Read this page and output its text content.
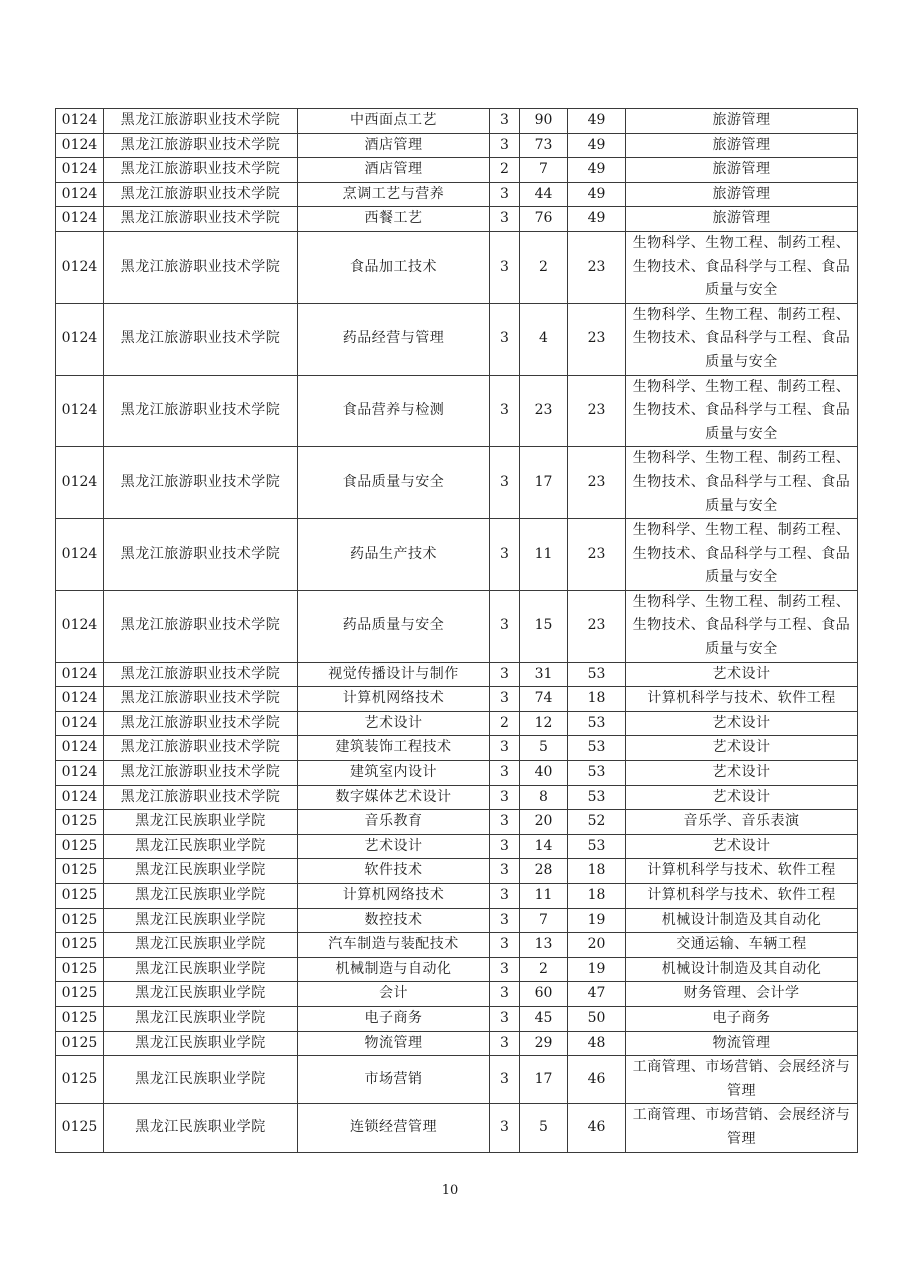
0124	黑龙江旅游职业技术学院	中西面点工艺	3	90	49	旅游管理
0124	黑龙江旅游职业技术学院	酒店管理	3	73	49	旅游管理
0124	黑龙江旅游职业技术学院	酒店管理	2	7	49	旅游管理
0124	黑龙江旅游职业技术学院	烹调工艺与营养	3	44	49	旅游管理
0124	黑龙江旅游职业技术学院	西餐工艺	3	76	49	旅游管理
0124	黑龙江旅游职业技术学院	食品加工技术	3	2	23	生物科学、生物工程、制药工程、生物技术、食品科学与工程、食品质量与安全
0124	黑龙江旅游职业技术学院	药品经营与管理	3	4	23	生物科学、生物工程、制药工程、生物技术、食品科学与工程、食品质量与安全
0124	黑龙江旅游职业技术学院	食品营养与检测	3	23	23	生物科学、生物工程、制药工程、生物技术、食品科学与工程、食品质量与安全
0124	黑龙江旅游职业技术学院	食品质量与安全	3	17	23	生物科学、生物工程、制药工程、生物技术、食品科学与工程、食品质量与安全
0124	黑龙江旅游职业技术学院	药品生产技术	3	11	23	生物科学、生物工程、制药工程、生物技术、食品科学与工程、食品质量与安全
0124	黑龙江旅游职业技术学院	药品质量与安全	3	15	23	生物科学、生物工程、制药工程、生物技术、食品科学与工程、食品质量与安全
0124	黑龙江旅游职业技术学院	视觉传播设计与制作	3	31	53	艺术设计
0124	黑龙江旅游职业技术学院	计算机网络技术	3	74	18	计算机科学与技术、软件工程
0124	黑龙江旅游职业技术学院	艺术设计	2	12	53	艺术设计
0124	黑龙江旅游职业技术学院	建筑装饰工程技术	3	5	53	艺术设计
0124	黑龙江旅游职业技术学院	建筑室内设计	3	40	53	艺术设计
0124	黑龙江旅游职业技术学院	数字媒体艺术设计	3	8	53	艺术设计
0125	黑龙江民族职业学院	音乐教育	3	20	52	音乐学、音乐表演
0125	黑龙江民族职业学院	艺术设计	3	14	53	艺术设计
0125	黑龙江民族职业学院	软件技术	3	28	18	计算机科学与技术、软件工程
0125	黑龙江民族职业学院	计算机网络技术	3	11	18	计算机科学与技术、软件工程
0125	黑龙江民族职业学院	数控技术	3	7	19	机械设计制造及其自动化
0125	黑龙江民族职业学院	汽车制造与装配技术	3	13	20	交通运输、车辆工程
0125	黑龙江民族职业学院	机械制造与自动化	3	2	19	机械设计制造及其自动化
0125	黑龙江民族职业学院	会计	3	60	47	财务管理、会计学
0125	黑龙江民族职业学院	电子商务	3	45	50	电子商务
0125	黑龙江民族职业学院	物流管理	3	29	48	物流管理
0125	黑龙江民族职业学院	市场营销	3	17	46	工商管理、市场营销、会展经济与管理
0125	黑龙江民族职业学院	连锁经营管理	3	5	46	工商管理、市场营销、会展经济与管理
10
